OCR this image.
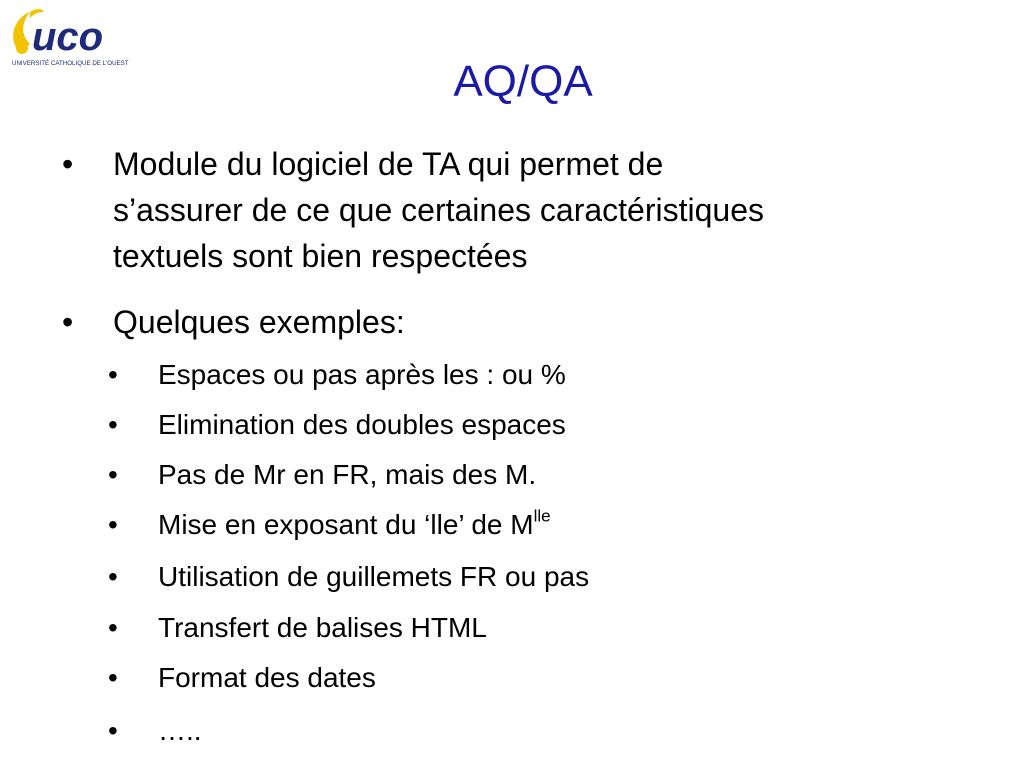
uco
UNIVERSITÉ CATHOLIQUE DE L'OUEST	AQ/QA
• Module du logiciel de TA qui permet de
s’assurer de ce que certaines caractéristiques
textuels sont bien respectées
• Quelques exemples:
• Espaces ou pas après les : ou %
• Elimination des doubles espaces
• Pas de Mr en FR, mais des M.
• Mise en exposant du ‘lle’ de $M^{lle}$
• Utilisation de guillemets FR ou pas
• Transfert de balises HTML
• Format des dates
• …..
